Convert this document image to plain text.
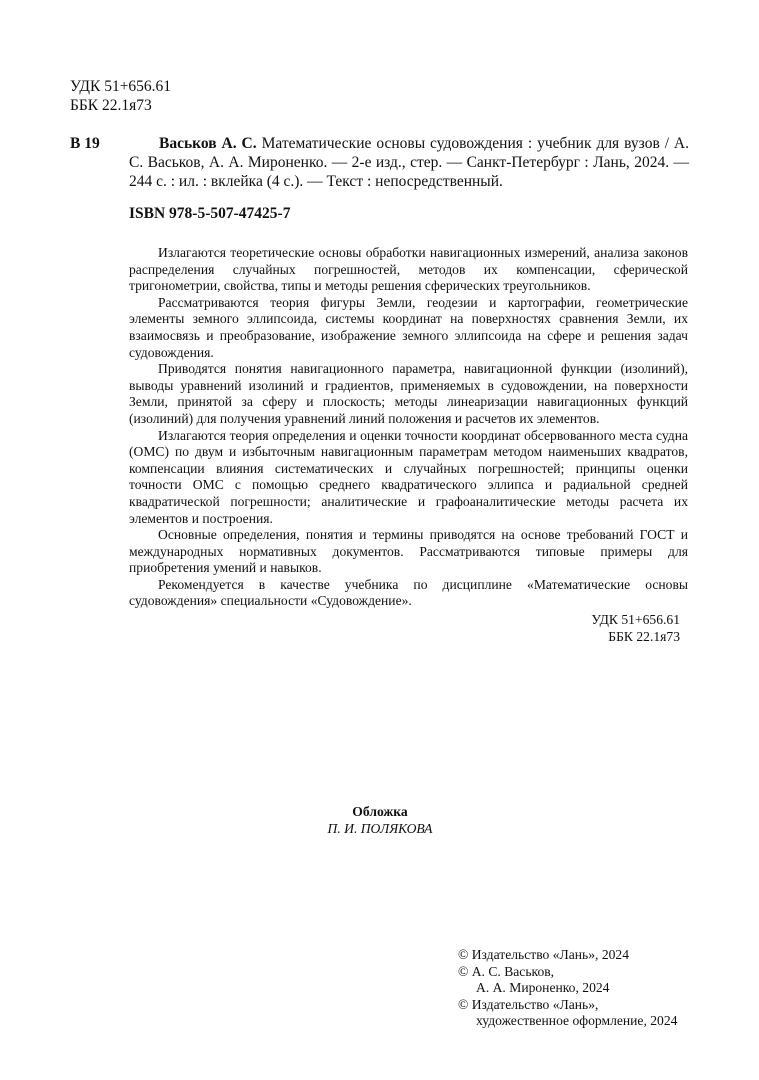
УДК 51+656.61
ББК 22.1я73
В 19	Васьков А. С. Математические основы судовождения : учебник для вузов / А. С. Васьков, А. А. Мироненко. — 2-е изд., стер. — Санкт-Петербург : Лань, 2024. — 244 с. : ил. : вклейка (4 с.). — Текст : непосредственный.
ISBN 978-5-507-47425-7

Излагаются теоретические основы обработки навигационных измерений, анализа законов распределения случайных погрешностей, методов их компенсации, сферической тригонометрии, свойства, типы и методы решения сферических треугольников.

Рассматриваются теория фигуры Земли, геодезии и картографии, геометрические элементы земного эллипсоида, системы координат на поверхностях сравнения Земли, их взаимосвязь и преобразование, изображение земного эллипсоида на сфере и решения задач судовождения.

Приводятся понятия навигационного параметра, навигационной функции (изолиний), выводы уравнений изолиний и градиентов, применяемых в судовождении, на поверхности Земли, принятой за сферу и плоскость; методы линеаризации навигационных функций (изолиний) для получения уравнений линий положения и расчетов их элементов.

Излагаются теория определения и оценки точности координат обсервованного места судна (ОМС) по двум и избыточным навигационным параметрам методом наименьших квадратов, компенсации влияния систематических и случайных погрешностей; принципы оценки точности ОМС с помощью среднего квадратического эллипса и радиальной средней квадратической погрешности; аналитические и графоаналитические методы расчета их элементов и построения.

Основные определения, понятия и термины приводятся на основе требований ГОСТ и международных нормативных документов. Рассматриваются типовые примеры для приобретения умений и навыков.

Рекомендуется в качестве учебника по дисциплине «Математические основы судовождения» специальности «Судовождение».

УДК 51+656.61
ББК 22.1я73
Обложка
П. И. ПОЛЯКОВА
© Издательство «Лань», 2024
© А. С. Васьков,
А. А. Мироненко, 2024
© Издательство «Лань»,
художественное оформление, 2024
